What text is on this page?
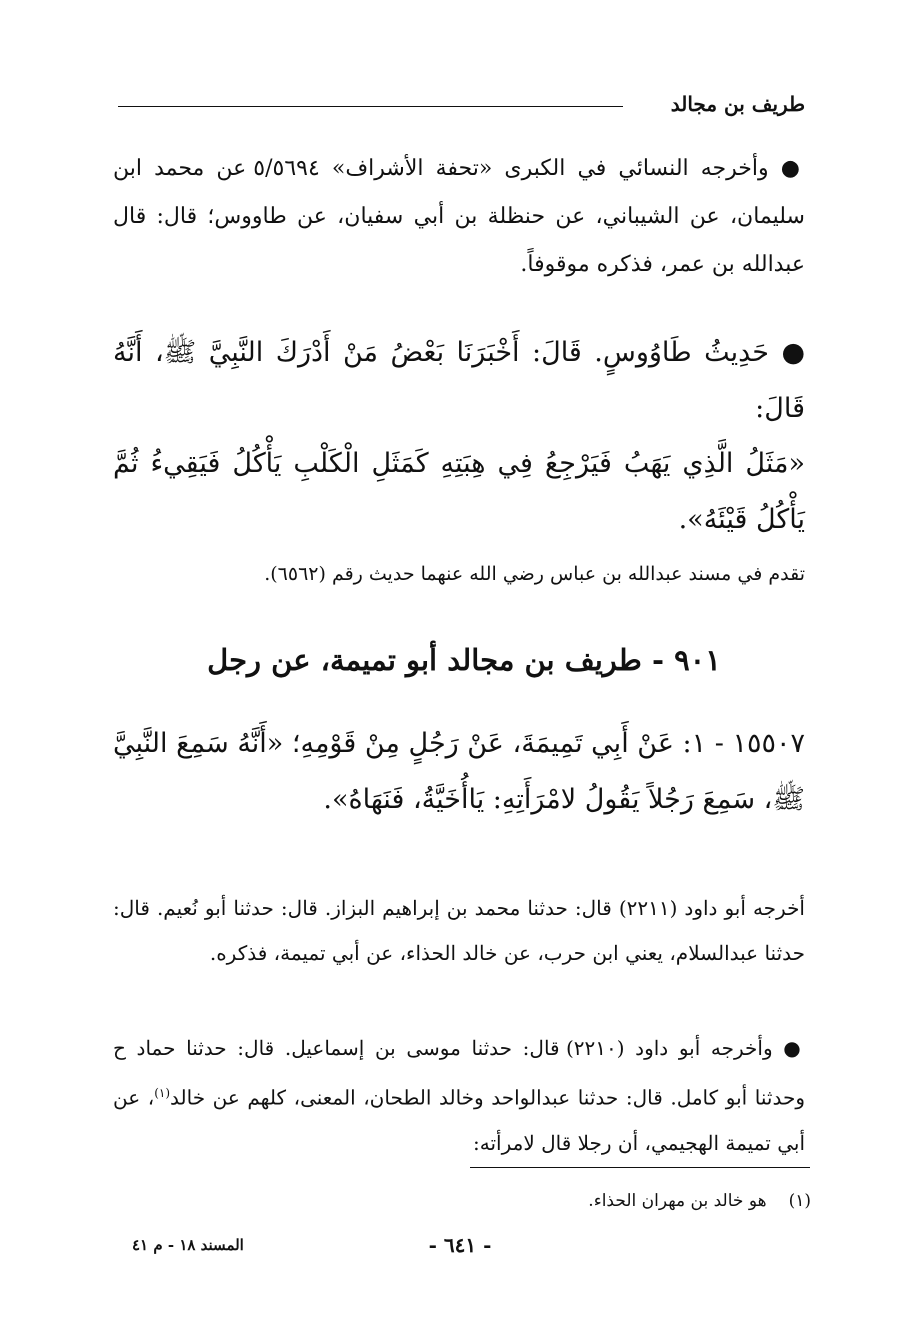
طريف بن مجالد
● وأخرجه النسائي في الكبرى «تحفة الأشراف» ٥/٥٦٩٤ عن محمد ابن سليمان، عن الشيباني، عن حنظلة بن أبي سفيان، عن طاووس؛ قال: قال عبدالله بن عمر، فذكره موقوفاً.
● حَدِيثُ طَاوُوسٍ. قَالَ: أَخْبَرَنَا بَعْضُ مَنْ أَدْرَكَ النَّبِيَّ ﷺ، أَنَّهُ قَالَ:
«مَثَلُ الَّذِي يَهَبُ فَيَرْجِعُ فِي هِبَتِهِ كَمَثَلِ الْكَلْبِ يَأْكُلُ فَيَقِيءُ ثُمَّ يَأْكُلُ قَيْئَهُ».
تقدم في مسند عبدالله بن عباس رضي الله عنهما حديث رقم (٦٥٦٢).
٩٠١ - طريف بن مجالد أبو تميمة، عن رجل
١٥٥٠٧ - ١: عَنْ أَبِي تَمِيمَةَ، عَنْ رَجُلٍ مِنْ قَوْمِهِ؛ «أَنَّهُ سَمِعَ النَّبِيَّ ﷺ، سَمِعَ رَجُلاً يَقُولُ لامْرَأَتِهِ: يَاأُخَيَّةُ، فَنَهَاهُ».
أخرجه أبو داود (٢٢١١) قال: حدثنا محمد بن إبراهيم البزاز. قال: حدثنا أبو نُعيم. قال: حدثنا عبدالسلام، يعني ابن حرب، عن خالد الحذاء، عن أبي تميمة، فذكره.
● وأخرجه أبو داود (٢٢١٠) قال: حدثنا موسى بن إسماعيل. قال: حدثنا حماد ح وحدثنا أبو كامل. قال: حدثنا عبدالواحد وخالد الطحان، المعنى، كلهم عن خالد$^{(١)}$، عن أبي تميمة الهجيمي، أن رجلا قال لامرأته:
(١)هو خالد بن مهران الحذاء.
- ٦٤١ -
المسند ١٨ - م ٤١
